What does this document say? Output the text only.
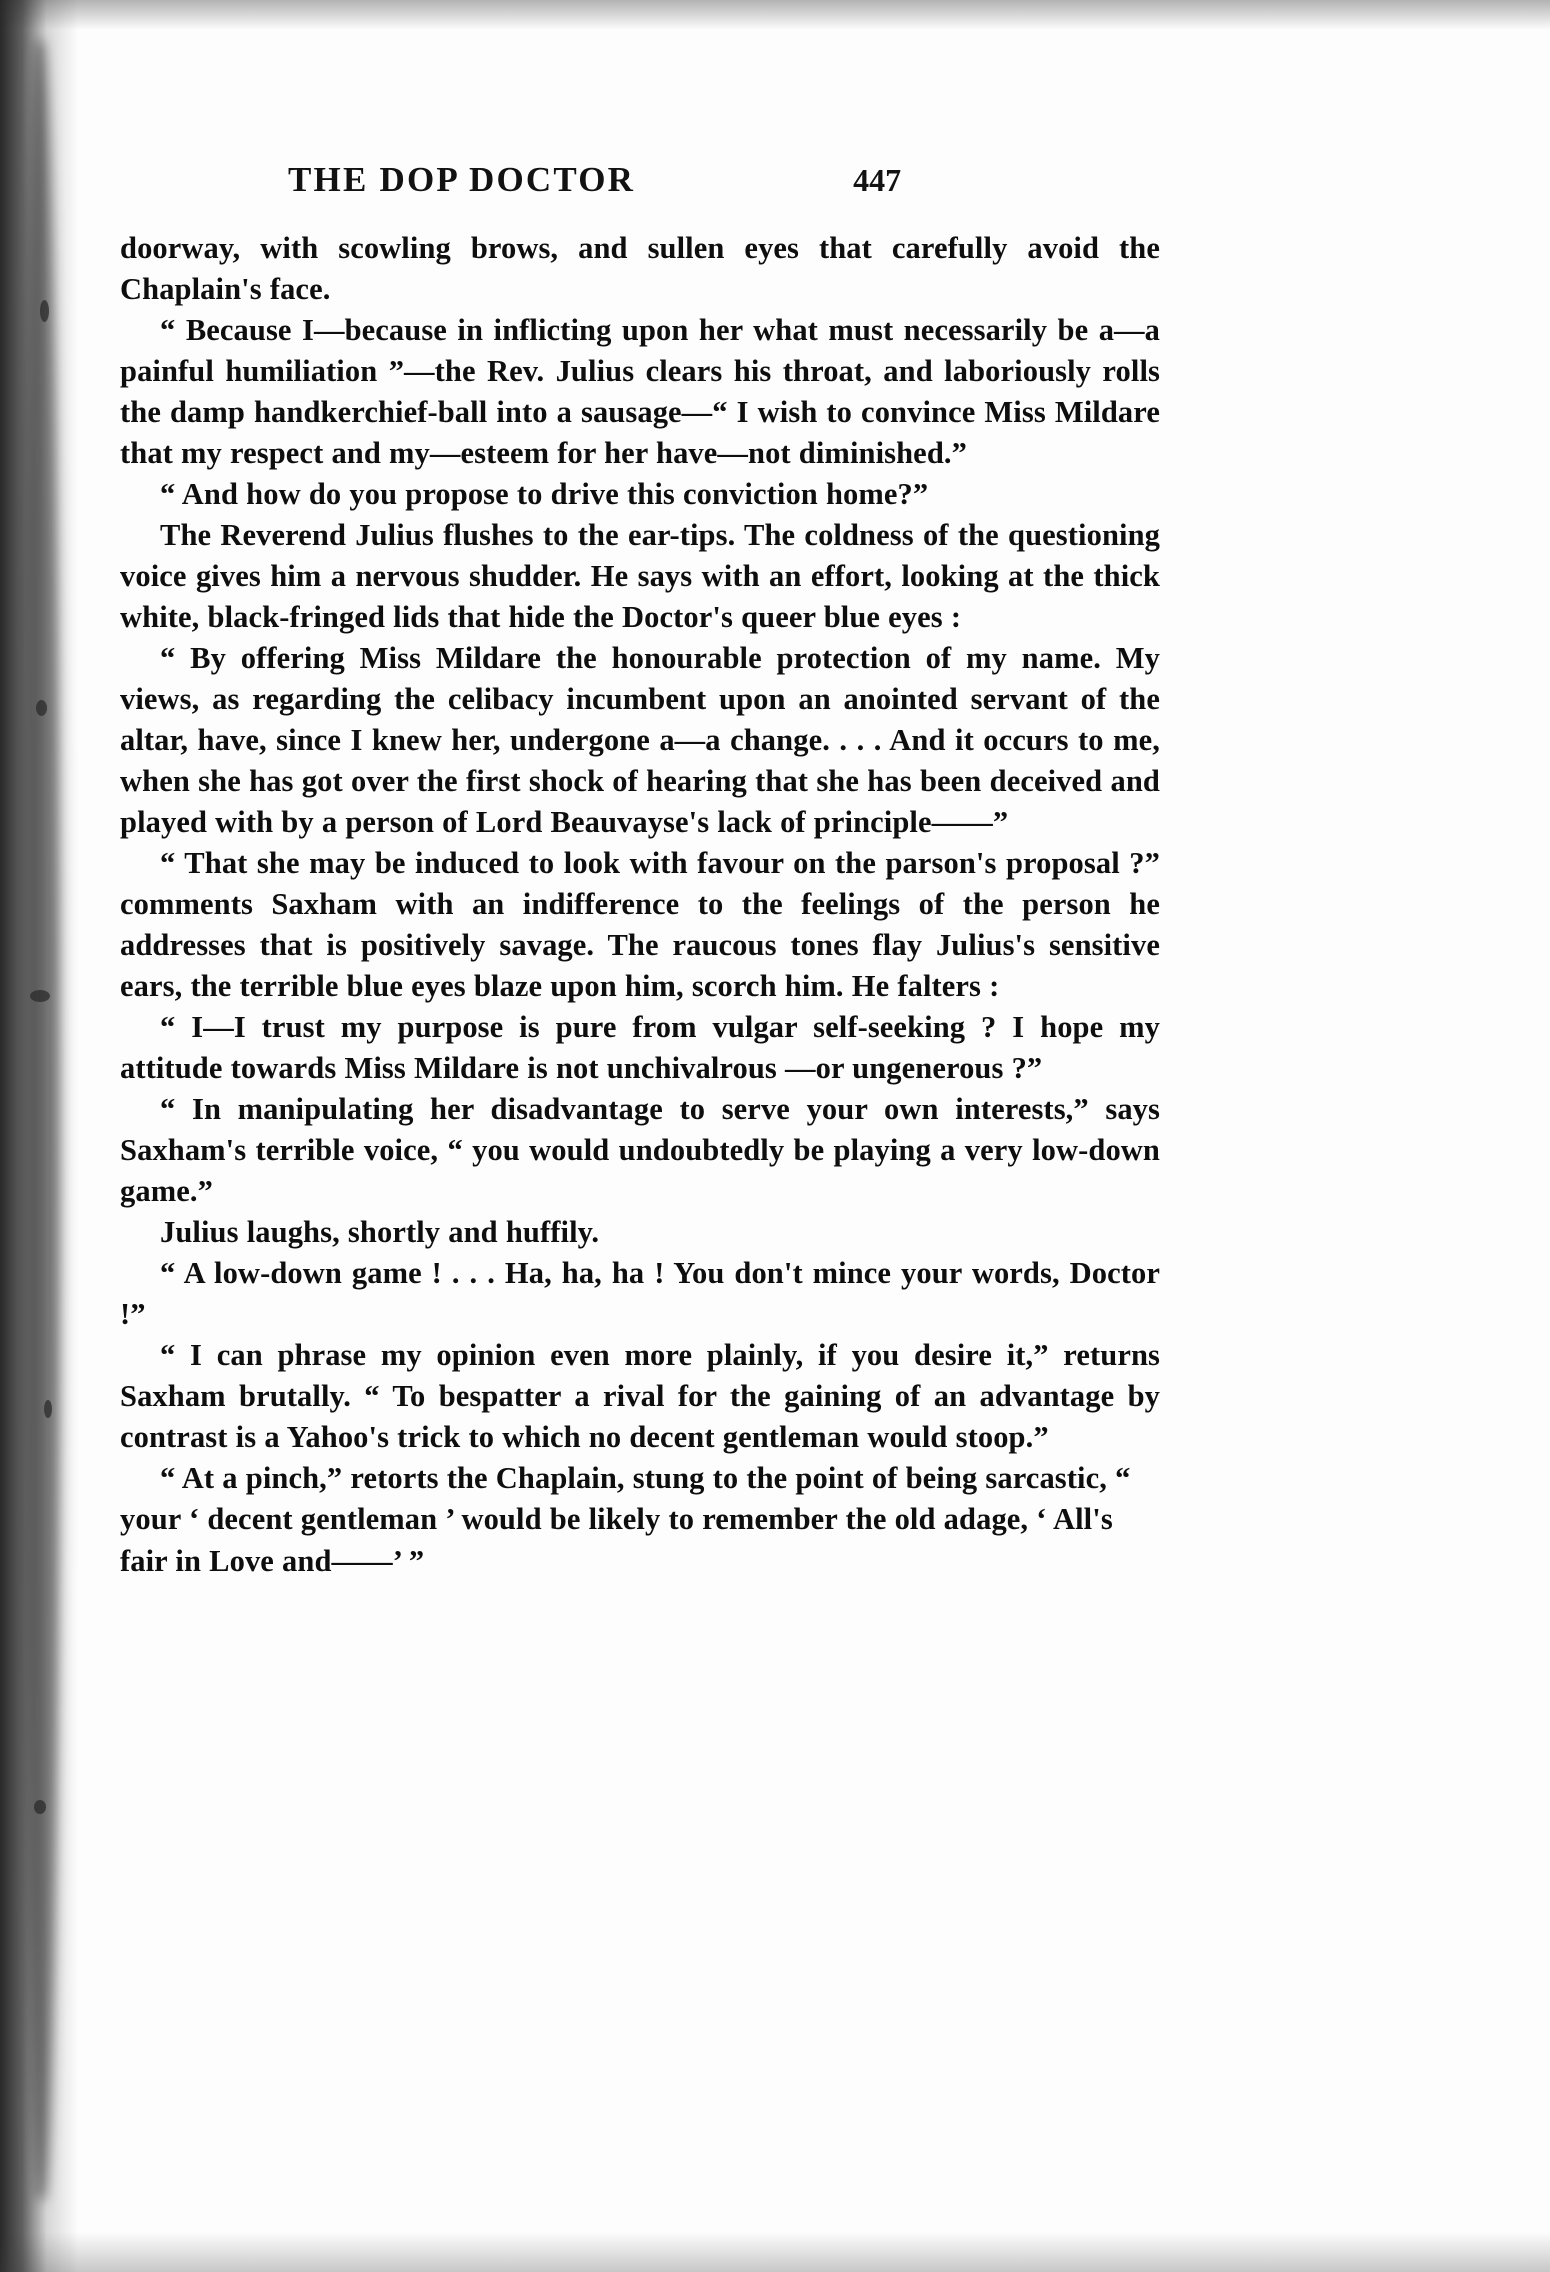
THE DOP DOCTOR	447

doorway, with scowling brows, and sullen eyes that carefully avoid the Chaplain's face.

“ Because I—because in inflicting upon her what must necessarily be a—a painful humiliation ”—the Rev. Julius clears his throat, and laboriously rolls the damp handkerchief-ball into a sausage—“ I wish to convince Miss Mildare that my respect and my—esteem for her have—not diminished.”

“ And how do you propose to drive this conviction home?”

The Reverend Julius flushes to the ear-tips. The coldness of the questioning voice gives him a nervous shudder. He says with an effort, looking at the thick white, black-fringed lids that hide the Doctor's queer blue eyes :

“ By offering Miss Mildare the honourable protection of my name. My views, as regarding the celibacy incumbent upon an anointed servant of the altar, have, since I knew her, undergone a—a change. . . . And it occurs to me, when she has got over the first shock of hearing that she has been deceived and played with by a person of Lord Beauvayse's lack of principle——”

“ That she may be induced to look with favour on the parson's proposal ?” comments Saxham with an indifference to the feelings of the person he addresses that is positively savage. The raucous tones flay Julius's sensitive ears, the terrible blue eyes blaze upon him, scorch him. He falters :

“ I—I trust my purpose is pure from vulgar self-seeking ? I hope my attitude towards Miss Mildare is not unchivalrous —or ungenerous ?”

“ In manipulating her disadvantage to serve your own interests,” says Saxham's terrible voice, “ you would undoubtedly be playing a very low-down game.”

Julius laughs, shortly and huffily.

“ A low-down game ! . . . Ha, ha, ha ! You don't mince your words, Doctor !”

“ I can phrase my opinion even more plainly, if you desire it,” returns Saxham brutally. “ To bespatter a rival for the gaining of an advantage by contrast is a Yahoo's trick to which no decent gentleman would stoop.”

“ At a pinch,” retorts the Chaplain, stung to the point of being sarcastic, “ your ‘ decent gentleman ’ would be likely to remember the old adage, ‘ All's fair in Love and——’ ”
